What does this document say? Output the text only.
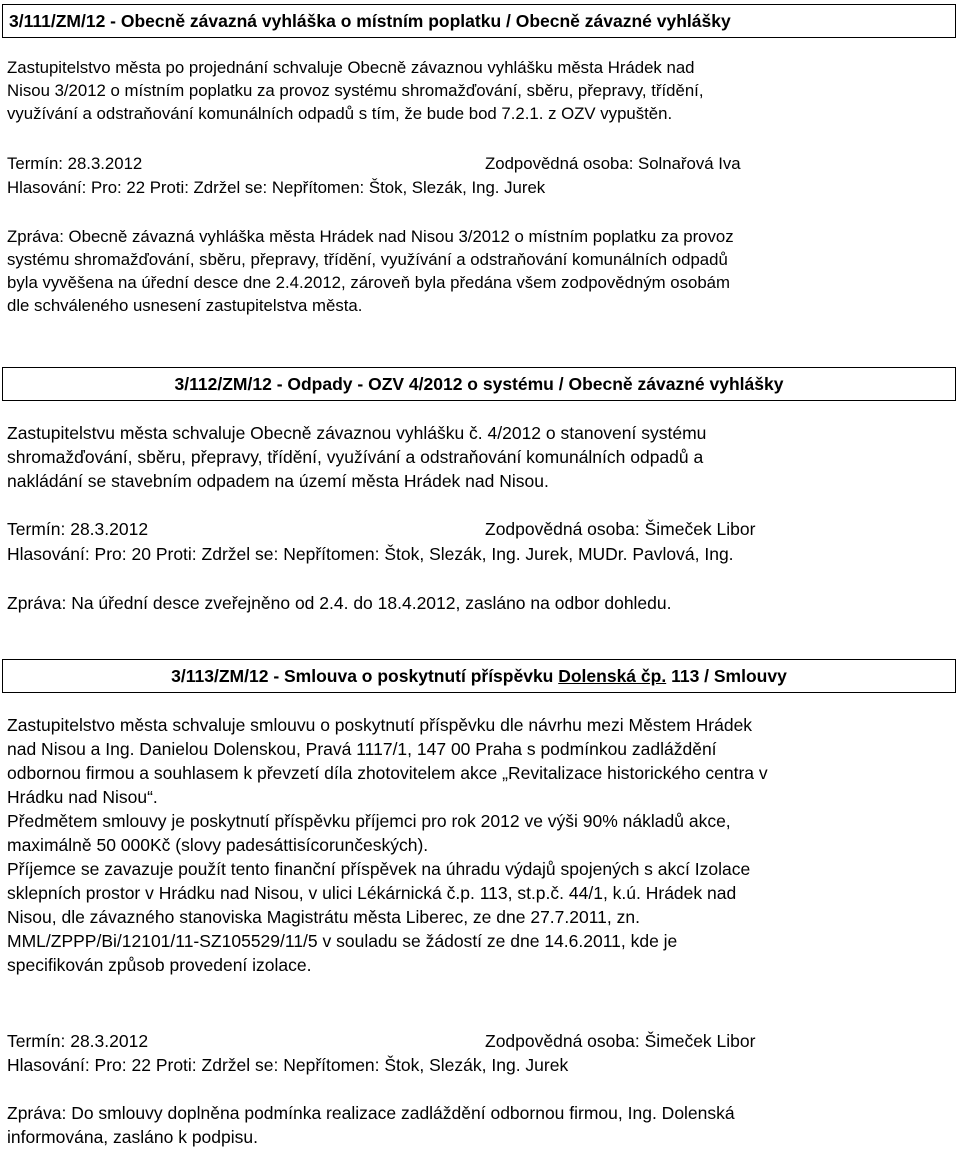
3/111/ZM/12 - Obecně závazná vyhláška o místním poplatku / Obecně závazné vyhlášky
Zastupitelstvo města po projednání schvaluje Obecně závaznou vyhlášku města Hrádek nad
Nisou 3/2012 o místním poplatku za provoz systému shromažďování, sběru, přepravy, třídění,
využívání a odstraňování komunálních odpadů s tím, že bude bod 7.2.1. z OZV vypuštěn.
Termín: 28.3.2012	Zodpovědná osoba: Solnařová Iva
Hlasování: Pro: 22 Proti: Zdržel se: Nepřítomen: Štok, Slezák, Ing. Jurek
Zpráva: Obecně závazná vyhláška města Hrádek nad Nisou 3/2012 o místním poplatku za provoz
systému shromažďování, sběru, přepravy, třídění, využívání a odstraňování komunálních odpadů
byla vyvěšena na úřední desce dne 2.4.2012, zároveň byla předána všem zodpovědným osobám
dle schváleného usnesení zastupitelstva města.
3/112/ZM/12 - Odpady - OZV 4/2012 o systému / Obecně závazné vyhlášky
Zastupitelstvu města schvaluje Obecně závaznou vyhlášku č. 4/2012 o stanovení systému
shromažďování, sběru, přepravy, třídění, využívání a odstraňování komunálních odpadů a
nakládání se stavebním odpadem na území města Hrádek nad Nisou.
Termín: 28.3.2012	Zodpovědná osoba: Šimeček Libor
Hlasování: Pro: 20 Proti: Zdržel se: Nepřítomen: Štok, Slezák, Ing. Jurek, MUDr. Pavlová, Ing.
Zpráva: Na úřední desce zveřejněno od 2.4. do 18.4.2012, zasláno na odbor dohledu.
3/113/ZM/12 - Smlouva o poskytnutí příspěvku Dolenská čp. 113 / Smlouvy
Zastupitelstvo města schvaluje smlouvu o poskytnutí příspěvku dle návrhu mezi Městem Hrádek
nad Nisou a Ing. Danielou Dolenskou, Pravá 1117/1, 147 00 Praha s podmínkou zadláždění
odbornou firmou a souhlasem k převzetí díla zhotovitelem akce „Revitalizace historického centra v
Hrádku nad Nisou“.
Předmětem smlouvy je poskytnutí příspěvku příjemci pro rok 2012 ve výši 90% nákladů akce,
maximálně 50 000Kč (slovy padesáttisícorunčeských).
Příjemce se zavazuje použít tento finanční příspěvek na úhradu výdajů spojených s akcí Izolace
sklepních prostor v Hrádku nad Nisou, v ulici Lékárnická č.p. 113, st.p.č. 44/1, k.ú. Hrádek nad
Nisou, dle závazného stanoviska Magistrátu města Liberec, ze dne 27.7.2011, zn.
MML/ZPPP/Bi/12101/11-SZ105529/11/5 v souladu se žádostí ze dne 14.6.2011, kde je
specifikován způsob provedení izolace.
Termín: 28.3.2012	Zodpovědná osoba: Šimeček Libor
Hlasování: Pro: 22 Proti: Zdržel se: Nepřítomen: Štok, Slezák, Ing. Jurek
Zpráva: Do smlouvy doplněna podmínka realizace zadláždění odbornou firmou, Ing. Dolenská
informována, zasláno k podpisu.
